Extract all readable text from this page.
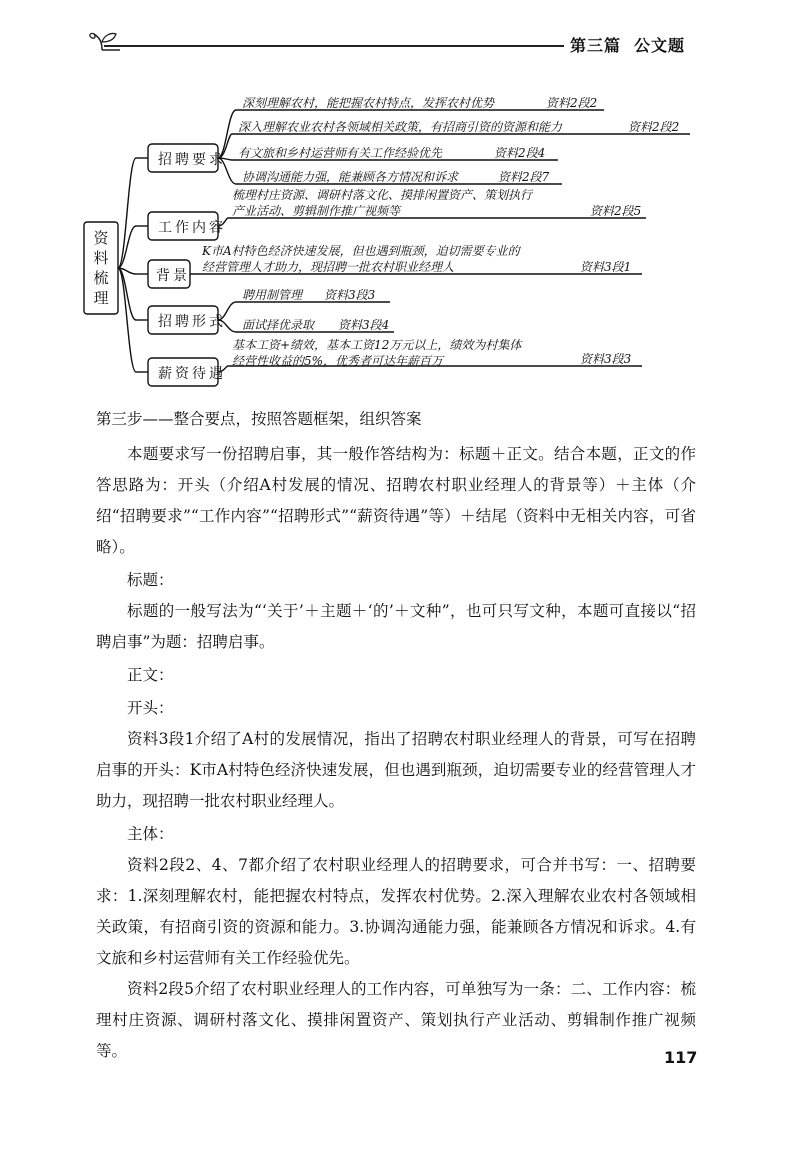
第三篇 公文题
资料梳理
招聘要求
工作内容
背景
招聘形式
薪资待遇
深刻理解农村，能把握农村特点，发挥农村优势	资料2段2
深入理解农业农村各领域相关政策，有招商引资的资源和能力	资料2段2
有文旅和乡村运营师有关工作经验优先	资料2段4
协调沟通能力强，能兼顾各方情况和诉求	资料2段7
梳理村庄资源、调研村落文化、摸排闲置资产、策划执行
产业活动、剪辑制作推广视频等	资料2段5
K市A村特色经济快速发展，但也遇到瓶颈，迫切需要专业的
经营管理人才助力，现招聘一批农村职业经理人	资料3段1
聘用制管理 资料3段3
面试择优录取 资料3段4
基本工资+绩效，基本工资12万元以上，绩效为村集体
经营性收益的5%，优秀者可达年薪百万	资料3段3
第三步——整合要点，按照答题框架，组织答案

本题要求写一份招聘启事，其一般作答结构为：标题＋正文。结合本题，正文的作答思路为：开头（介绍A村发展的情况、招聘农村职业经理人的背景等）＋主体（介绍“招聘要求”“工作内容”“招聘形式”“薪资待遇”等）＋结尾（资料中无相关内容，可省略）。

标题：

标题的一般写法为“‘关于’＋主题＋‘的’＋文种”，也可只写文种，本题可直接以“招聘启事”为题：招聘启事。

正文：

开头：

资料3段1介绍了A村的发展情况，指出了招聘农村职业经理人的背景，可写在招聘启事的开头：K市A村特色经济快速发展，但也遇到瓶颈，迫切需要专业的经营管理人才助力，现招聘一批农村职业经理人。

主体：

资料2段2、4、7都介绍了农村职业经理人的招聘要求，可合并书写：一、招聘要求：1.深刻理解农村，能把握农村特点，发挥农村优势。2.深入理解农业农村各领域相关政策，有招商引资的资源和能力。3.协调沟通能力强，能兼顾各方情况和诉求。4.有文旅和乡村运营师有关工作经验优先。

资料2段5介绍了农村职业经理人的工作内容，可单独写为一条：二、工作内容：梳理村庄资源、调研村落文化、摸排闲置资产、策划执行产业活动、剪辑制作推广视频等。	117
